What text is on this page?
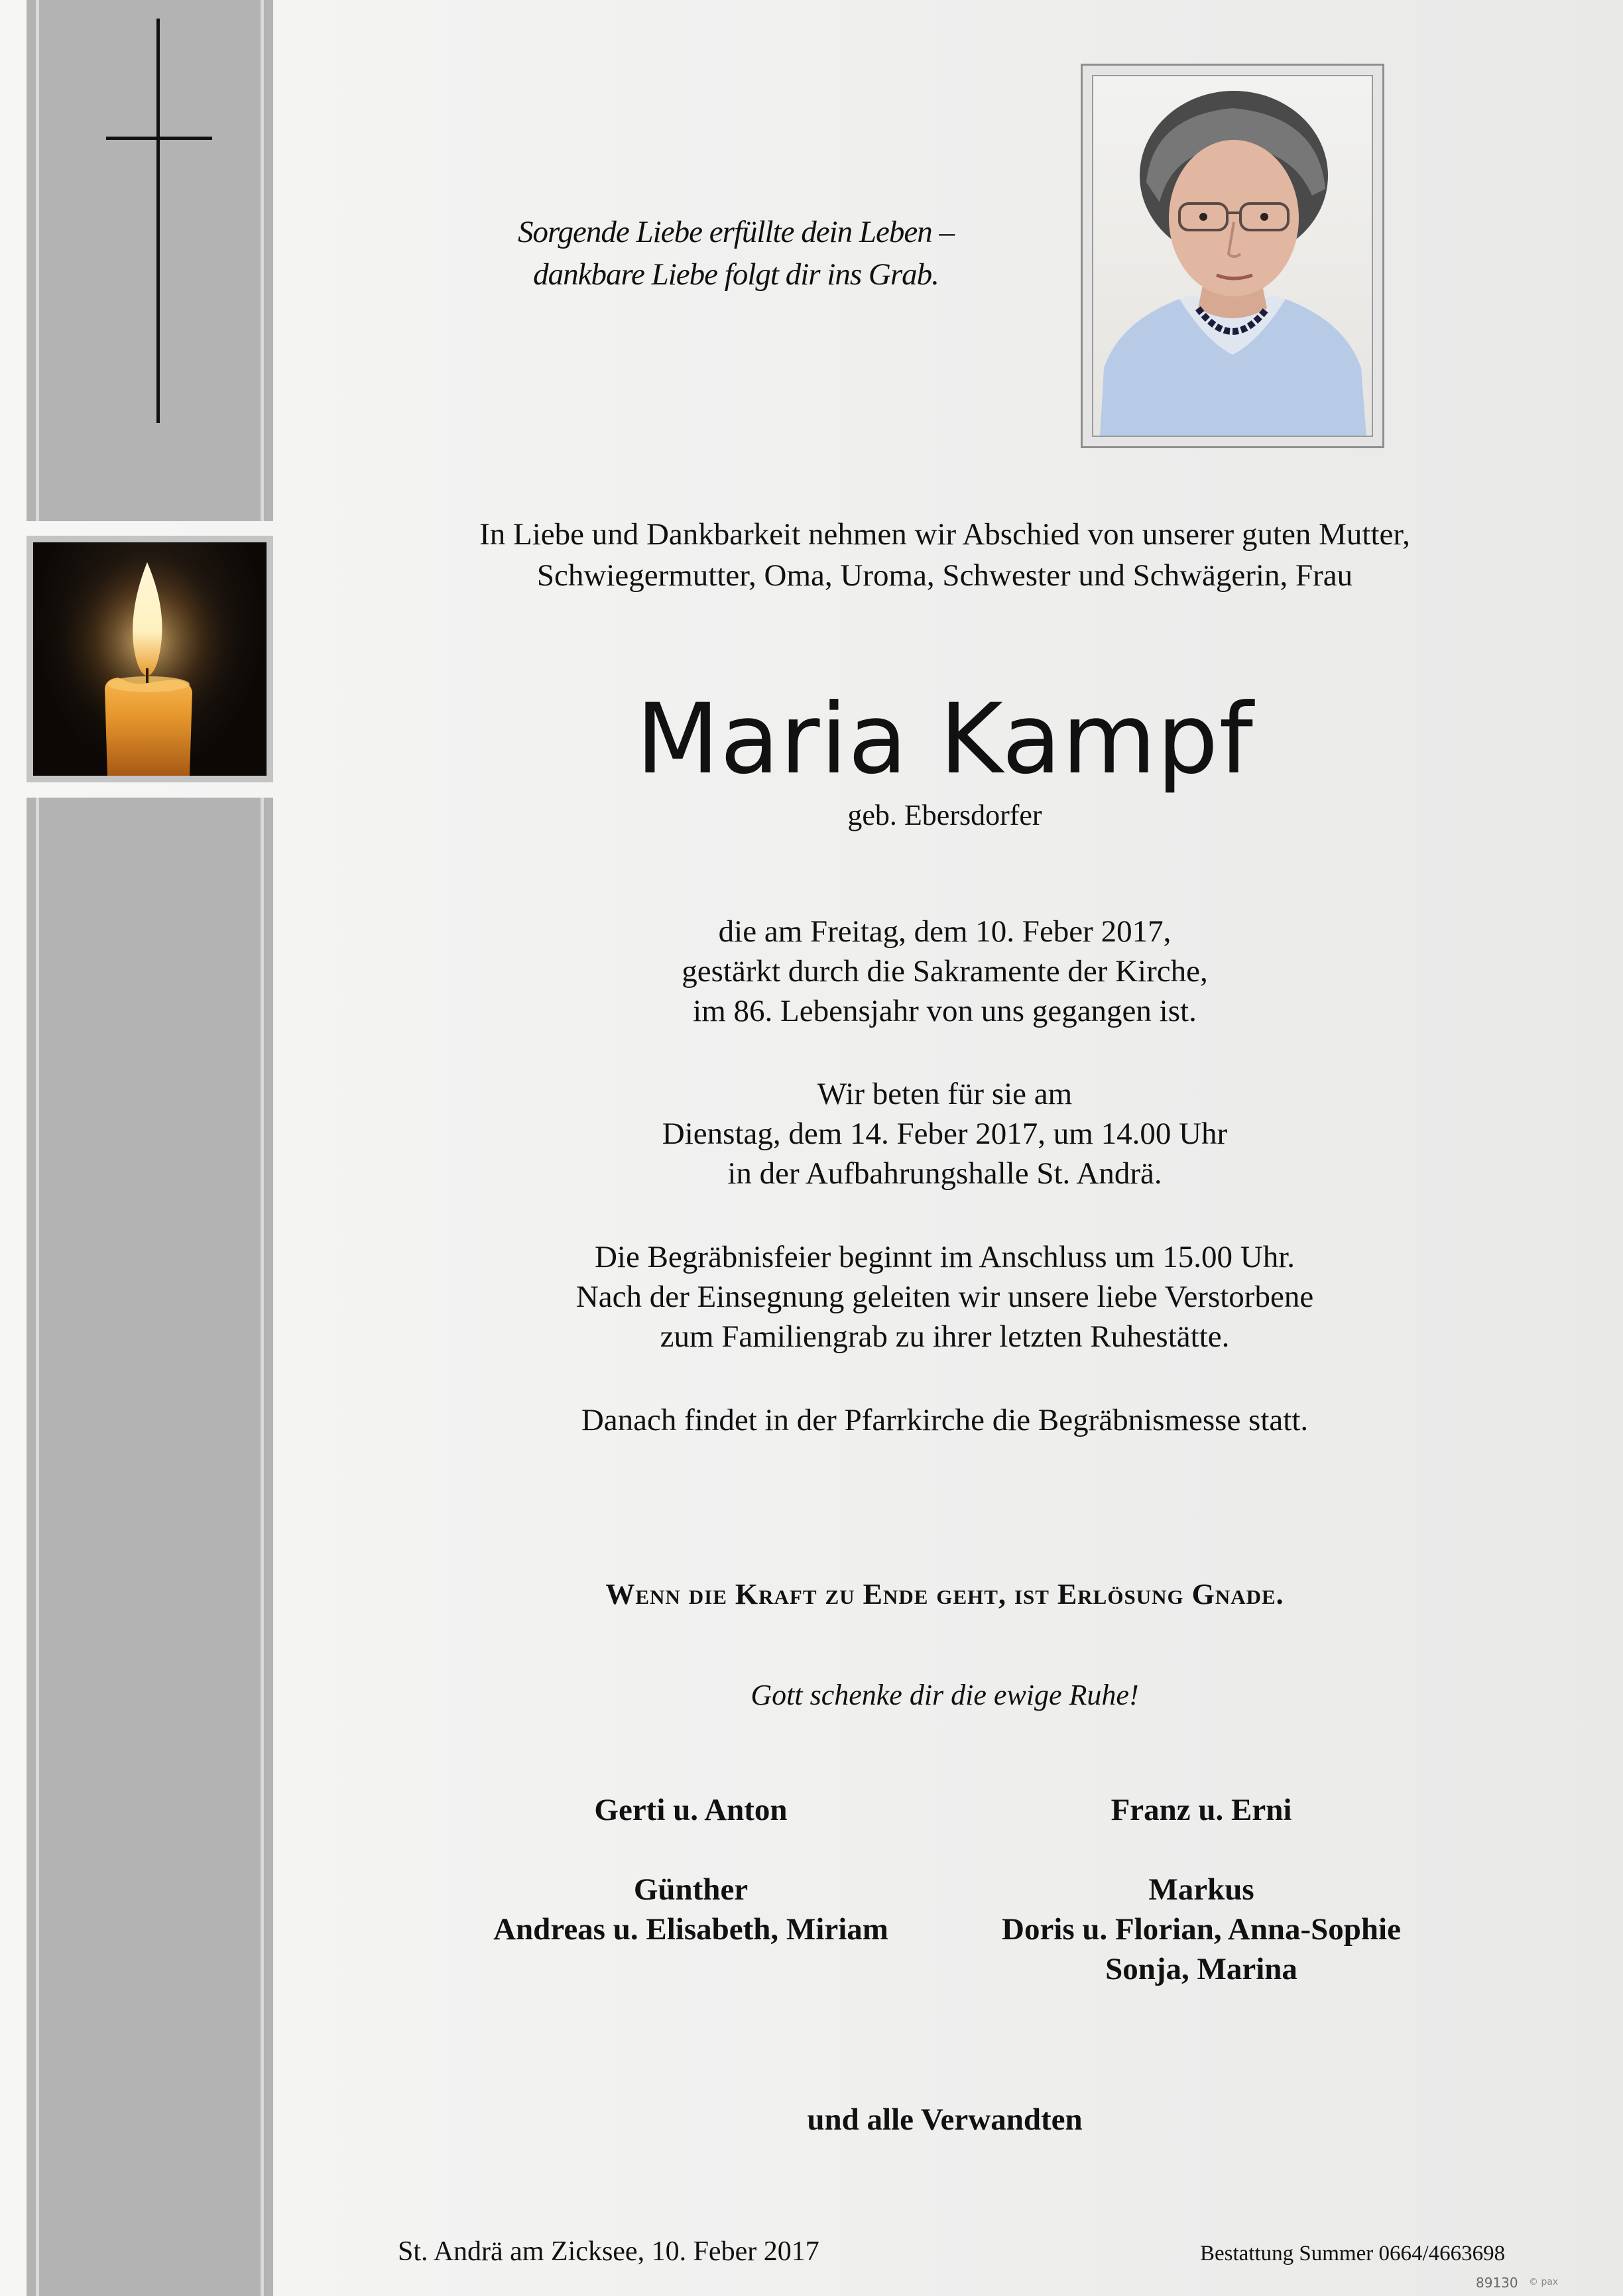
Sorgende Liebe erfüllte dein Leben –
dankbare Liebe folgt dir ins Grab.
In Liebe und Dankbarkeit nehmen wir Abschied von unserer guten Mutter,
Schwiegermutter, Oma, Uroma, Schwester und Schwägerin, Frau
Maria Kampf
geb. Ebersdorfer
die am Freitag, dem 10. Feber 2017,
gestärkt durch die Sakramente der Kirche,
im 86. Lebensjahr von uns gegangen ist.
Wir beten für sie am
Dienstag, dem 14. Feber 2017, um 14.00 Uhr
in der Aufbahrungshalle St. Andrä.
Die Begräbnisfeier beginnt im Anschluss um 15.00 Uhr.
Nach der Einsegnung geleiten wir unsere liebe Verstorbene
zum Familiengrab zu ihrer letzten Ruhestätte.
Danach findet in der Pfarrkirche die Begräbnismesse statt.
Wenn die Kraft zu Ende geht, ist Erlösung Gnade.
Gott schenke dir die ewige Ruhe!
Gerti u. Anton	Franz u. Erni
Günther
Andreas u. Elisabeth, Miriam
Markus
Doris u. Florian, Anna-Sophie
Sonja, Marina
und alle Verwandten
St. Andrä am Zicksee, 10. Feber 2017	Bestattung Summer 0664/4663698
89130 © pax
